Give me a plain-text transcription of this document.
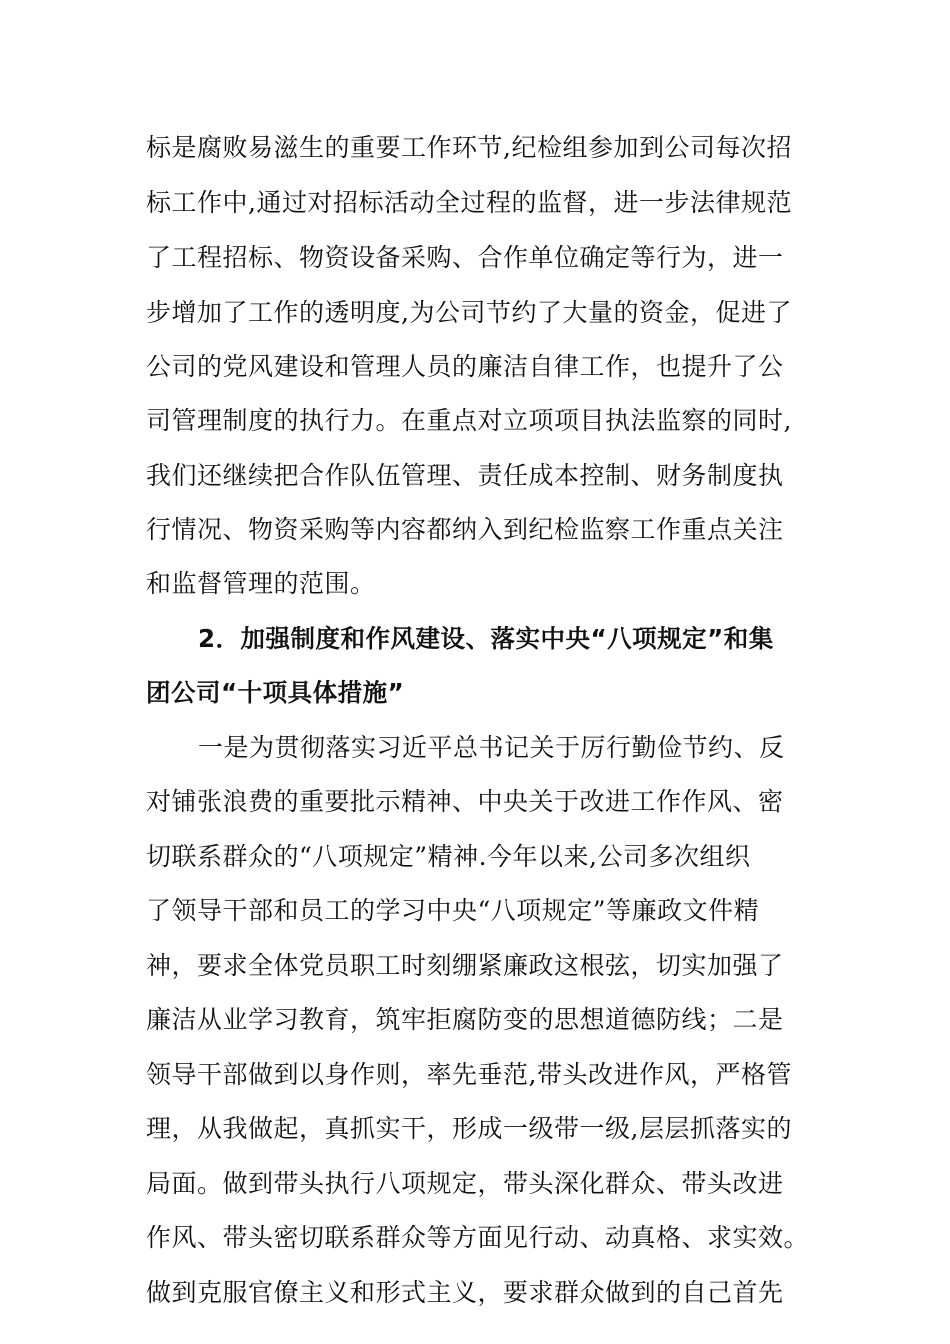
标是腐败易滋生的重要工作环节,纪检组参加到公司每次招
标工作中,通过对招标活动全过程的监督，进一步法律规范
了工程招标、物资设备采购、合作单位确定等行为，进一
步增加了工作的透明度,为公司节约了大量的资金，促进了
公司的党风建设和管理人员的廉洁自律工作，也提升了公
司管理制度的执行力。在重点对立项项目执法监察的同时,
我们还继续把合作队伍管理、责任成本控制、财务制度执
行情况、物资采购等内容都纳入到纪检监察工作重点关注
和监督管理的范围。
2．加强制度和作风建设、落实中央“八项规定”和集
团公司“十项具体措施”
一是为贯彻落实习近平总书记关于厉行勤俭节约、反
对铺张浪费的重要批示精神、中央关于改进工作作风、密
切联系群众的“八项规定”精神.今年以来,公司多次组织
了领导干部和员工的学习中央“八项规定”等廉政文件精
神，要求全体党员职工时刻绷紧廉政这根弦，切实加强了
廉洁从业学习教育，筑牢拒腐防变的思想道德防线；二是
领导干部做到以身作则，率先垂范,带头改进作风，严格管
理，从我做起，真抓实干，形成一级带一级,层层抓落实的
局面。做到带头执行八项规定，带头深化群众、带头改进
作风、带头密切联系群众等方面见行动、动真格、求实效。
做到克服官僚主义和形式主义，要求群众做到的自己首先
